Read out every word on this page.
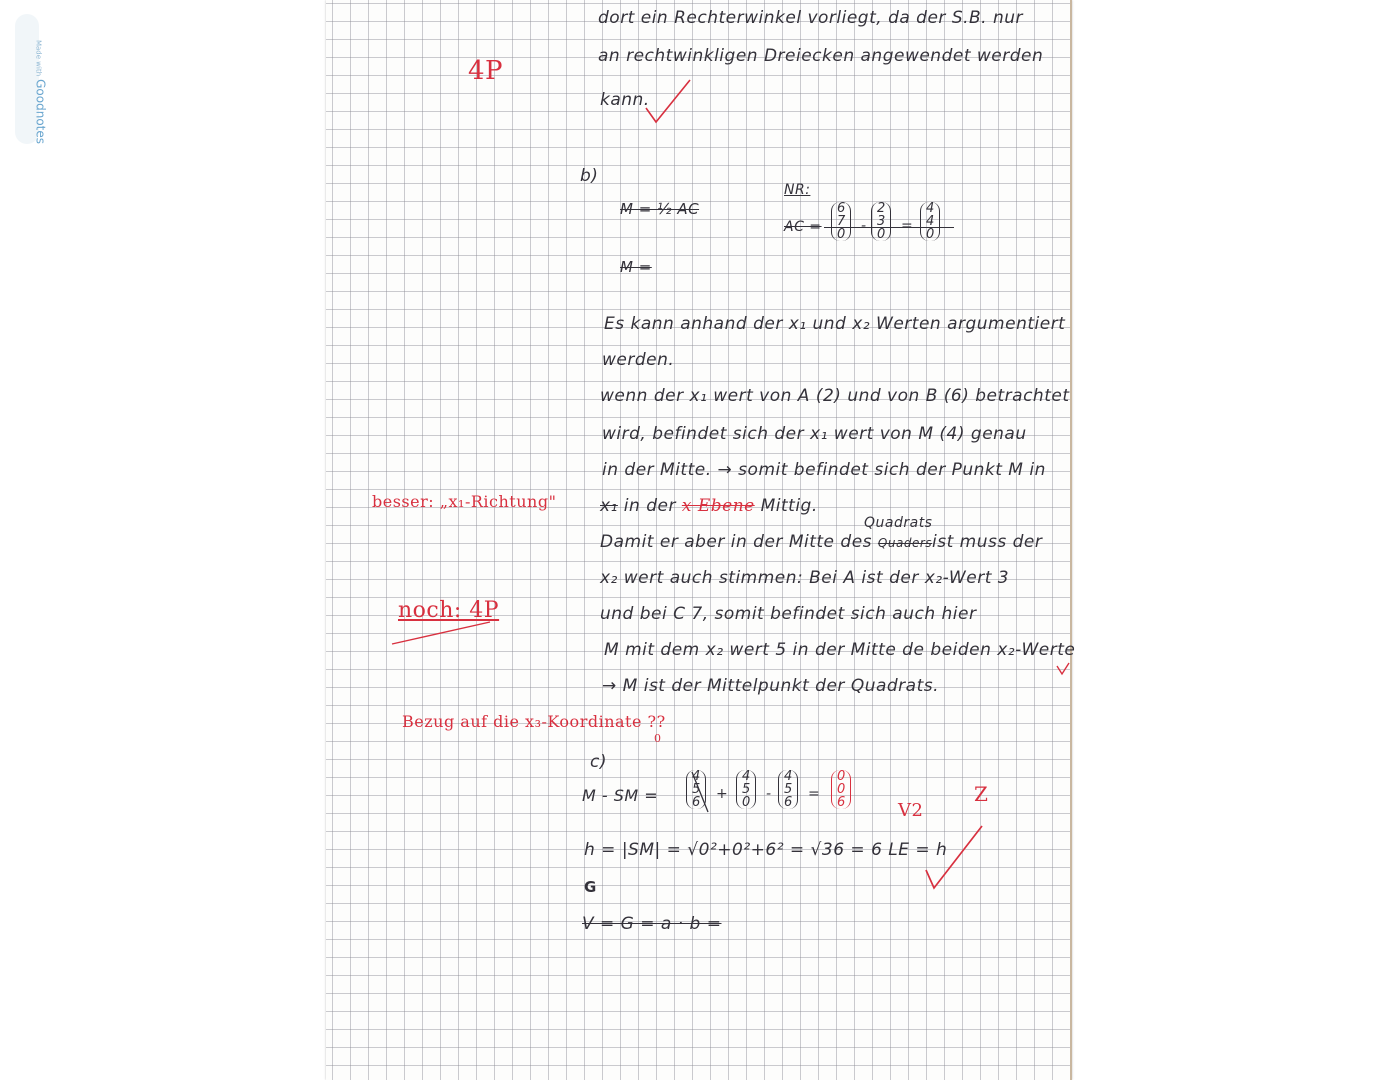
Made withGoodnotes
dort ein Rechterwinkel vorliegt, da der S.B. nur
an rechtwinkligen Dreiecken angewendet werden
kann.
4P
b)
M = ½ AC
M =
NR:
AC =
6
7
0
-
2
3
0
=
4
4
0
Es kann anhand der x₁ und x₂ Werten argumentiert
werden.
wenn der x₁ wert von A (2) und von B (6) betrachtet
wird, befindet sich der x₁ wert von M (4) genau
in der Mitte. → somit befindet sich der Punkt M in
x₁ in der x Ebene Mittig.
Quadrats
Damit er aber in der Mitte des Quadersist muss der
x₂ wert auch stimmen: Bei A ist der x₂-Wert 3
und bei C 7, somit befindet sich auch hier
M mit dem x₂ wert 5 in der Mitte de beiden x₂-Werte
→ M ist der Mittelpunkt der Quadrats.
besser: „x₁-Richtung"
noch: 4P
Bezug auf die x₃-Koordinate ??
0
c)
M - SM =
4
5
6
+
4
5
0
-
4
5
6
=
0
0
6	V2
Z
h = |SM| = √0²+0²+6² = √36 = 6 LE = h
G
V = G = a · b =
